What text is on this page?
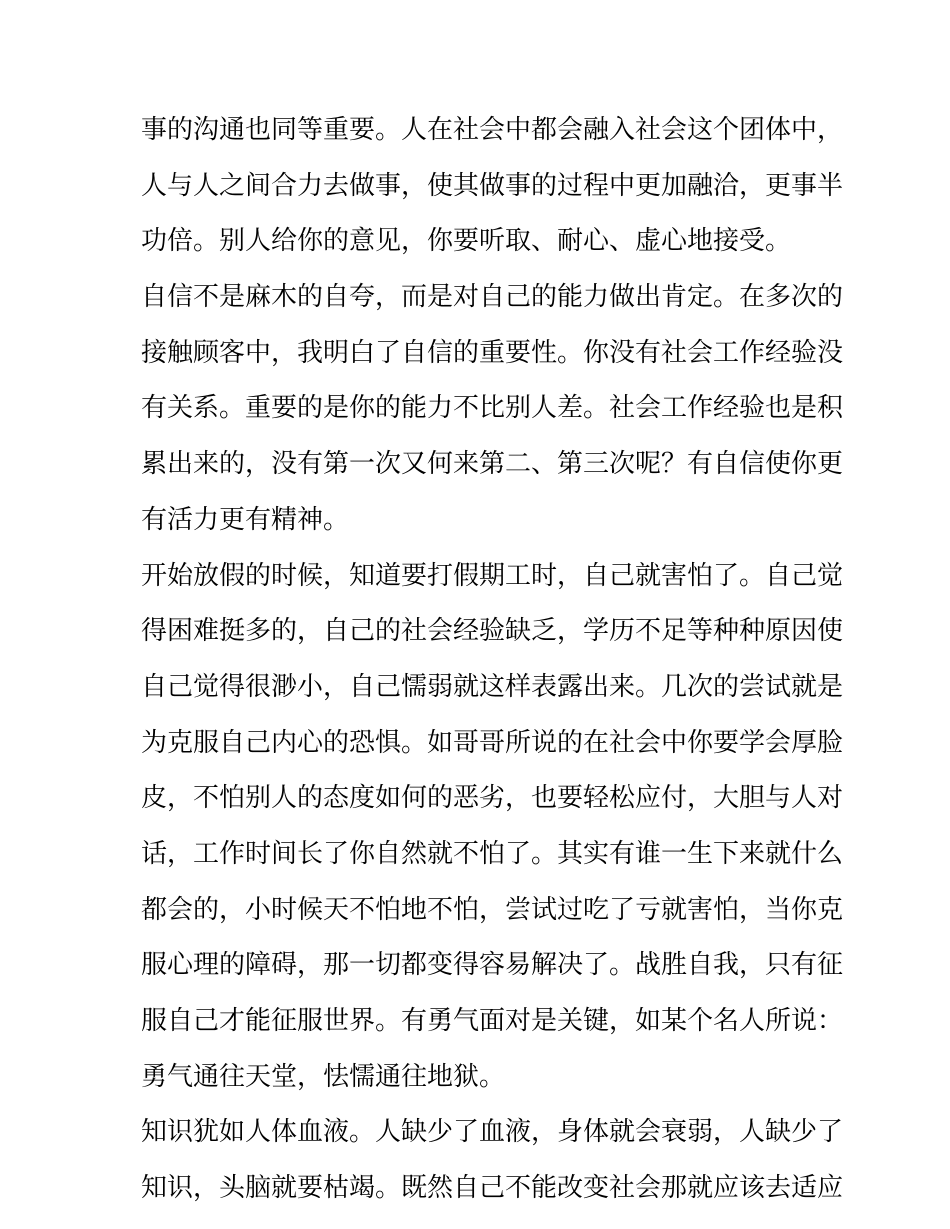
事的沟通也同等重要。人在社会中都会融入社会这个团体中，
人与人之间合力去做事，使其做事的过程中更加融洽，更事半
功倍。别人给你的意见，你要听取、耐心、虚心地接受。
自信不是麻木的自夸，而是对自己的能力做出肯定。在多次的
接触顾客中，我明白了自信的重要性。你没有社会工作经验没
有关系。重要的是你的能力不比别人差。社会工作经验也是积
累出来的，没有第一次又何来第二、第三次呢？有自信使你更
有活力更有精神。
开始放假的时候，知道要打假期工时，自己就害怕了。自己觉
得困难挺多的，自己的社会经验缺乏，学历不足等种种原因使
自己觉得很渺小，自己懦弱就这样表露出来。几次的尝试就是
为克服自己内心的恐惧。如哥哥所说的在社会中你要学会厚脸
皮，不怕别人的态度如何的恶劣，也要轻松应付，大胆与人对
话，工作时间长了你自然就不怕了。其实有谁一生下来就什么
都会的，小时候天不怕地不怕，尝试过吃了亏就害怕，当你克
服心理的障碍，那一切都变得容易解决了。战胜自我，只有征
服自己才能征服世界。有勇气面对是关键，如某个名人所说：
勇气通往天堂，怯懦通往地狱。
知识犹如人体血液。人缺少了血液，身体就会衰弱，人缺少了
知识，头脑就要枯竭。既然自己不能改变社会那就应该去适应
